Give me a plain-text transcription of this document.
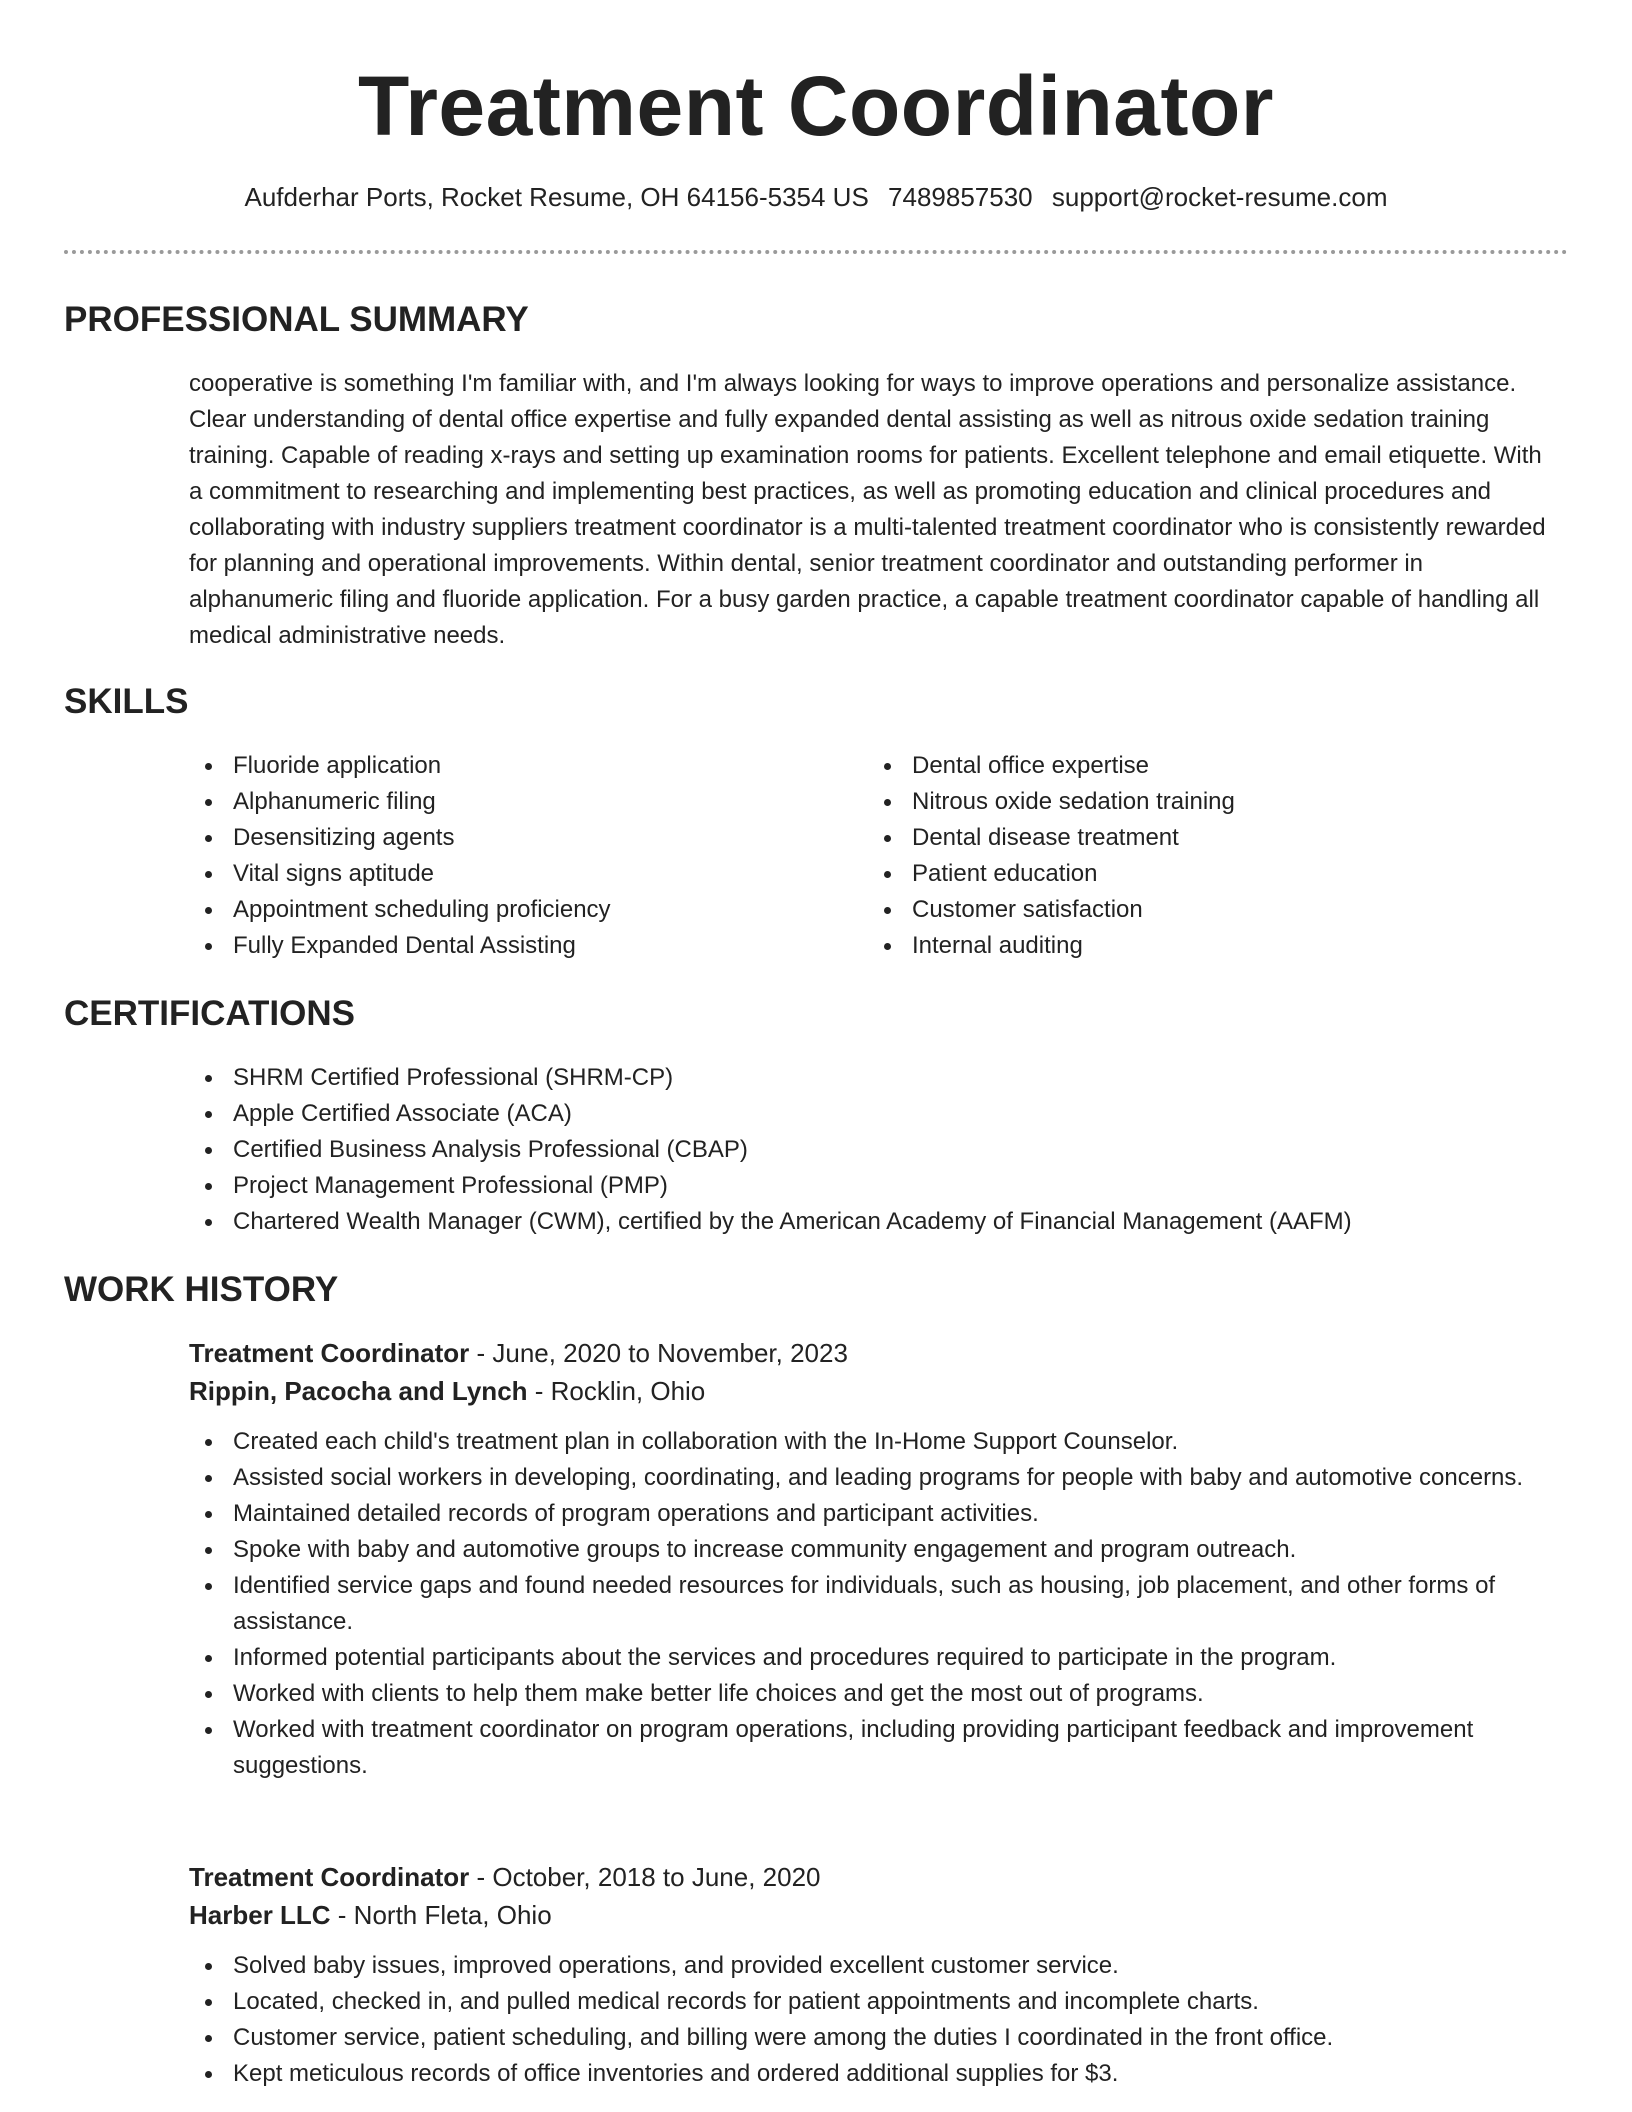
Treatment Coordinator
Aufderhar Ports, Rocket Resume, OH 64156-5354 US 7489857530 support@rocket-resume.com
PROFESSIONAL SUMMARY

cooperative is something I'm familiar with, and I'm always looking for ways to improve operations and personalize assistance. Clear understanding of dental office expertise and fully expanded dental assisting as well as nitrous oxide sedation training training. Capable of reading x-rays and setting up examination rooms for patients. Excellent telephone and email etiquette. With a commitment to researching and implementing best practices, as well as promoting education and clinical procedures and collaborating with industry suppliers treatment coordinator is a multi-talented treatment coordinator who is consistently rewarded for planning and operational improvements. Within dental, senior treatment coordinator and outstanding performer in alphanumeric filing and fluoride application. For a busy garden practice, a capable treatment coordinator capable of handling all medical administrative needs.

SKILLS
Fluoride application
Alphanumeric filing
Desensitizing agents
Vital signs aptitude
Appointment scheduling proficiency
Fully Expanded Dental Assisting
Dental office expertise
Nitrous oxide sedation training
Dental disease treatment
Patient education
Customer satisfaction
Internal auditing
CERTIFICATIONS
SHRM Certified Professional (SHRM-CP)
Apple Certified Associate (ACA)
Certified Business Analysis Professional (CBAP)
Project Management Professional (PMP)
Chartered Wealth Manager (CWM), certified by the American Academy of Financial Management (AAFM)
WORK HISTORY
Treatment Coordinator - June, 2020 to November, 2023
Rippin, Pacocha and Lynch - Rocklin, Ohio
Created each child's treatment plan in collaboration with the In-Home Support Counselor.
Assisted social workers in developing, coordinating, and leading programs for people with baby and automotive concerns.
Maintained detailed records of program operations and participant activities.
Spoke with baby and automotive groups to increase community engagement and program outreach.
Identified service gaps and found needed resources for individuals, such as housing, job placement, and other forms of assistance.
Informed potential participants about the services and procedures required to participate in the program.
Worked with clients to help them make better life choices and get the most out of programs.
Worked with treatment coordinator on program operations, including providing participant feedback and improvement suggestions.
Treatment Coordinator - October, 2018 to June, 2020
Harber LLC - North Fleta, Ohio
Solved baby issues, improved operations, and provided excellent customer service.
Located, checked in, and pulled medical records for patient appointments and incomplete charts.
Customer service, patient scheduling, and billing were among the duties I coordinated in the front office.
Kept meticulous records of office inventories and ordered additional supplies for $3.
